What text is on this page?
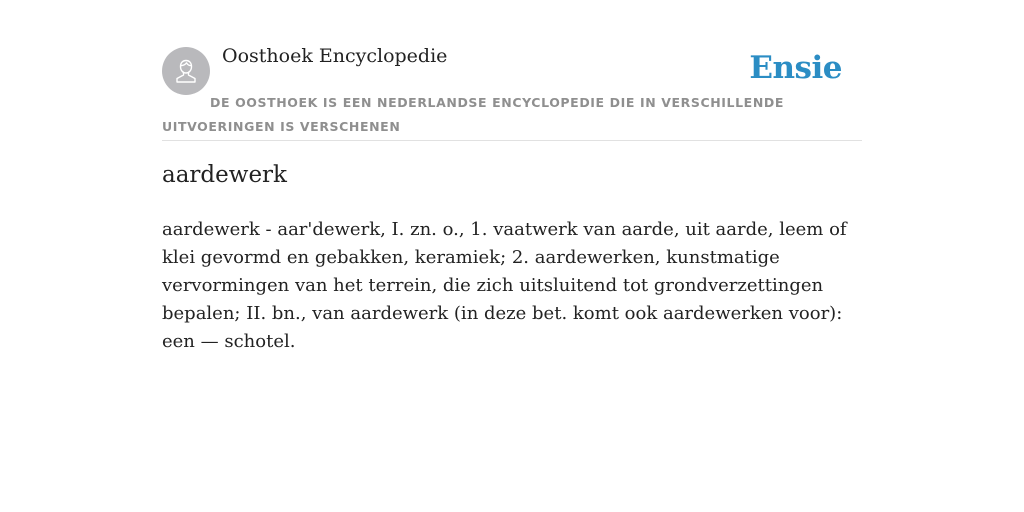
Oosthoek Encyclopedie	Ensie
DE OOSTHOEK IS EEN NEDERLANDSE ENCYCLOPEDIE DIE IN VERSCHILLENDE UITVOERINGEN IS VERSCHENEN
aardewerk

aardewerk - aar'dewerk, I. zn. o., 1. vaatwerk van aarde, uit aarde, leem of klei gevormd en gebakken, keramiek; 2. aardewerken, kunstmatige vervormingen van het terrein, die zich uitsluitend tot grondverzettingen bepalen; II. bn., van aardewerk (in deze bet. komt ook aardewerken voor): een — schotel.
